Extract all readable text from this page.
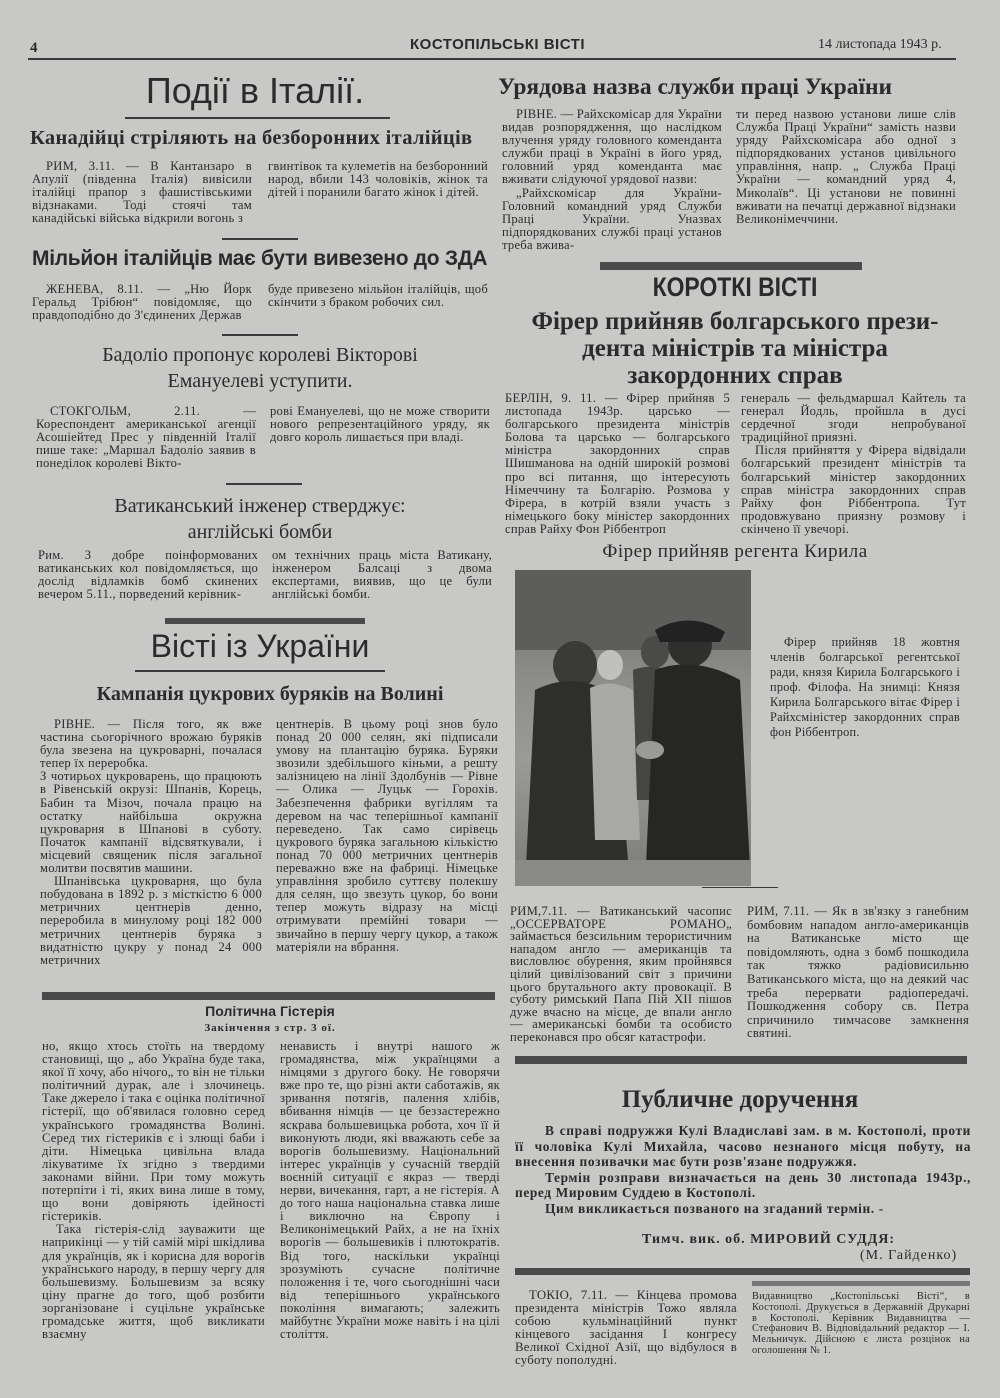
4	КОСТОПІЛЬСЬКІ ВІСТІ	14 листопада 1943 р.
Події в Італії.
Канадійці стріляють на безборонних італійців

РИМ, 3.11. — В Кантанзаро в Апулії (південна Італія) вивісили італійці прапор з фашистівськими відзнаками. Тоді стоячі там канадійські війська відкрили вогонь з

гвинтівок та кулеметів на безборонний народ, вбили 143 чоловіків, жінок та дітей і поранили багато жінок і дітей.

Мільйон італійців має бути вивезено до ЗДА

ЖЕНЕВА, 8.11. — „Ню Йорк Геральд Трібюн“ повідомляє, що правдоподібно до З'єдинених Держав

буде привезено мільйон італійців, щоб скінчити з браком робочих сил.

Бадоліо пропонує королеві Вікторові
Емануелеві уступити.

СТОКГОЛЬМ, 2.11. — Кореспондент американської агенції Асошіейтед Прес у південній Італії пише таке: „Маршал Бадоліо заявив в понеділок королеві Вікто-

рові Емануелеві, що не може створити нового репрезентаційного уряду, як довго король лишається при владі.

Ватиканський інженер стверджує:
англійські бомби

Рим. З добре поінформованих ватиканських кол повідомляється, що дослід відламків бомб скинених вечером 5.11., порведений керівник-

ом технічних праць міста Ватикану, інженером Балсаці з двома експертами, виявив, що це були англійські бомби.

Вісті із України
Кампанія цукрових буряків на Волині

РІВНЕ. — Після того, як вже частина сьогорічного врожаю буряків була звезена на цукроварні, почалася тепер їх переробка.

З чотирьох цукроварень, що працюють в Рівенській окрузі: Шпанів, Корець, Бабин та Мізоч, почала працю на остатку найбільша окружна цукроварня в Шпанові в суботу. Початок кампанії відсвяткували, і місцевий священик після загальної молитви посвятив машини.

Шпанівська цукроварня, що була побудована в 1892 р. з місткістю 6 000 метричних центнерів денно, переробила в минулому році 182 000 метричних центнерів буряка з видатністю цукру у понад 24 000 метричних

центнерів. В цьому році знов було понад 20 000 селян, які підписали умову на плантацію буряка. Буряки звозили здебільшого кіньми, а решту залізницею на лінії Здолбунів — Рівне — Олика — Луцьк — Горохів. Забезпечення фабрики вугіллям та деревом на час теперішньої кампанії переведено. Так само сирівець цукрового буряка загальною кількістю понад 70 000 метричних центнерів переважно вже на фабриці. Німецьке управління зробило суттєву полекшу для селян, що звезуть цукор, бо вони тепер можуть відразу на місці отримувати премійні товари — звичайно в першу чергу цукор, а також матеріяли на вбрання.

Політична Гістерія
Закінчення з стр. 3 ої.

но, якщо хтось стоїть на твердому становищі, що „ або Україна буде така, якої її хочу, або нічого„ то він не тільки політичний дурак, але і злочинець. Таке джерело і така є оцінка політичної гістерії, що об'явилася головно серед українського громадянства Волині. Серед тих гістериків є і злющі баби і діти. Німецька цивільна влада лікуватиме їх згідно з твердими законами війни. При тому можуть потерпіти і ті, яких вина лише в тому, що вони довіряють ідейності гістериків.

Така гістерія-слід зауважити ще наприкінці — у тій самій мірі шкідлива для українців, як і корисна для ворогів українського народу, в першу чергу для большевизму. Большевизм за всяку ціну прагне до того, щоб розбити зорганізоване і суцільне українське громадське життя, щоб викликати взаємну

ненависть і внутрі нашого ж громадянства, між українцями а німцями з другого боку. Не говорячи вже про те, що різні акти саботажів, як зривання потягів, палення хлібів, вбивання німців — це беззастережно яскрава большевицька робота, хоч її й виконують люди, які вважають себе за ворогів большевизму. Національний інтерес українців у сучасній твердій воєнній ситуації є якраз — тверді нерви, вичекання, гарт, а не гістерія. А до того наша національна ставка лише і виключно на Європу і Великонімецький Райх, а не на їхніх ворогів — большевиків і плютократів. Від того, наскільки українці зрозуміють сучасне політичне положення і те, чого сьогоднішні часи від теперішнього українського покоління вимагають; залежить майбутнє України може навіть і на цілі століття.

Урядова назва служби праці України

РІВНЕ. — Райхскомісар для України видав розпорядження, що наслідком влучення уряду головного коменданта служби праці в Україні в його уряд, головний уряд коменданта має вживати слідуючої урядової назви:

„Райхскомісар для України-Головний командний уряд Служби Праці України. Унaзвах підпорядкованих службі праці установ треба вжива-

ти перед назвою установи лише слів Служба Праці України“ замість назви уряду Райхскомісара або одної з підпорядкованих установ цивільного управління, напр. „ Служба Праці України — командний уряд 4, Миколаїв“. Ці установи не повинні вживати на печатці державної відзнаки Великонімеччини.

КОРОТКІ ВІСТІ
Фірер прийняв болгарського прези-
дента міністрів та міністра
закордонних справ

БЕРЛІН, 9. 11. — Фірер прийняв 5 листопада 1943р. царсько — болгарського президента міністрів Болова та царсько — болгарського міністра закордонних справ Шишманова на одній широкій розмові про всі питання, що інтересують Німеччину та Болгарію. Розмова у Фірера, в котрій взяли участь з німецького боку міністер закордонних справ Райху Фон Ріббентроп

генераль — фельдмаршал Кайтель та генерал Йодль, пройшла в дусі сердечної згоди непробуваної традиційної приязні.

Після прийняття у Фірера відвідали болгарський президент міністрів та болгарський міністер закордонних справ міністра закордонних справ Райху фон Ріббентропа. Тут продовжувано приязну розмову і скінчено її увечорі.

Фірер прийняв регента Кирила

Фірер прийняв 18 жовтня членів болгарської регентської ради, князя Кирила Болгарського і проф. Філофа. На знимці: Князя Кирила Болгарського вітає Фірер і Райхсміністер закордонних справ фон Ріббентроп.

РИМ,7.11. — Ватиканський часопис „ОССЕРВАТОРЕ РОМАНО„ займається безсильним терористичним нападом англо — американців та висловлює обурення, яким пройнявся цілий цивілізований світ з причини цього брутального акту провокації. В суботу римський Папа Пій XII пішов дуже вчасно на місце, де впали англо — американські бомби та особисто переконався про обсяг катастрофи.

РИМ, 7.11. — Як в зв'язку з ганебним бомбовим нападом англо-американців на Ватиканське місто ще повідомляють, одна з бомб пошкодила так тяжко радіовисильню Ватиканського міста, що на деякий час треба перервати радіопередачі. Пошкодження собору св. Петра спричинило тимчасове замкнення святині.

Публичне доручення

В справі подружжя Кулі Владиславі зам. в м. Костополі, проти її чоловіка Кулі Михайла, часово незнаного місця побуту, на внесення позивачки має бути розв'язане подружжя.

Термін розправи визначається на день 30 листопада 1943р., перед Мировим Суддею в Костополі.

Цим викликається позваного на згаданий термін. -

Тимч. вик. об. МИРОВИЙ СУДДЯ:
(М. Гайденко)

ТОКІО, 7.11. — Кінцева промова президента міністрів Тожо являла собою кульмінаційний пункт кінцевого засідання І конгресу Великої Східної Азії, що відбулося в суботу пополудні.

Видавництво „Костопільські Вісті“, в Костополі. Друкується в Державній Друкарні в Костополі. Керівник Видавництва — Стефанович В. Відповідальний редактор — І. Мельничук. Дійсною є листа розцінок на оголошення № 1.
